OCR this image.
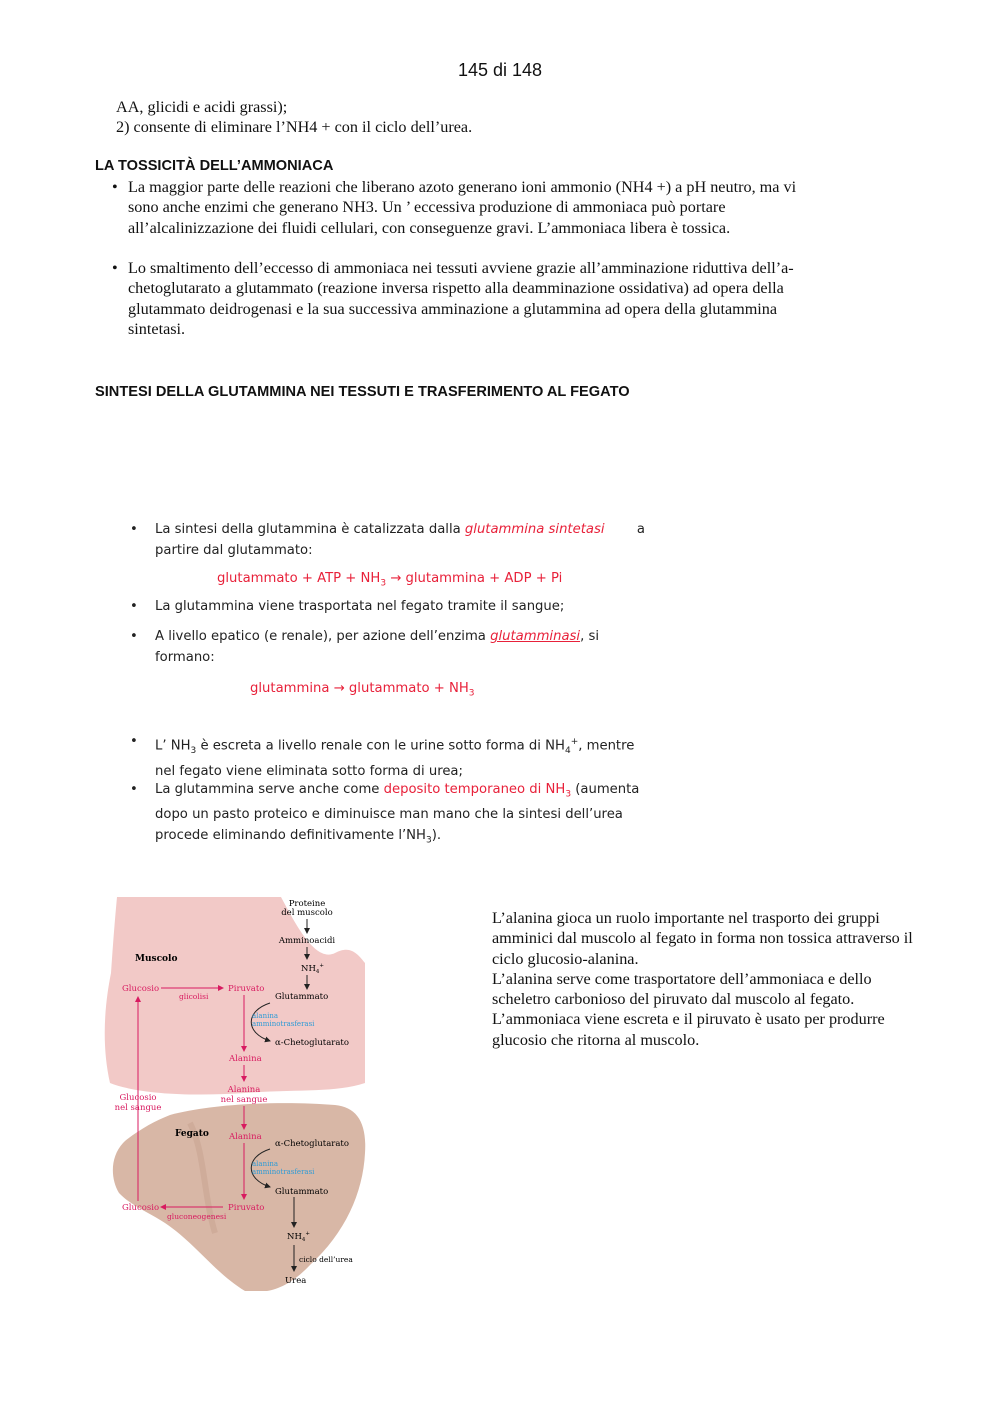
145 di 148
AA, glicidi e acidi grassi);
2) consente di eliminare l’NH4 + con il ciclo dell’urea.
LA TOSSICITÀ DELL’AMMONIACA
• La maggior parte delle reazioni che liberano azoto generano ioni ammonio (NH4 +) a pH neutro, ma vi
sono anche enzimi che generano NH3. Un ’ eccessiva produzione di ammoniaca può portare
all’alcalinizzazione dei fluidi cellulari, con conseguenze gravi. L’ammoniaca libera è tossica.
• Lo smaltimento dell’eccesso di ammoniaca nei tessuti avviene grazie all’amminazione riduttiva dell’a-
chetoglutarato a glutammato (reazione inversa rispetto alla deamminazione ossidativa) ad opera della
glutammato deidrogenasi e la sua successiva amminazione a glutammina ad opera della glutammina
sintetasi.
SINTESI DELLA GLUTAMMINA NEI TESSUTI E TRASFERIMENTO AL FEGATO
• La sintesi della glutammina è catalizzata dalla glutammina sintetasi a
partire dal glutammato:
glutammato + ATP + $NH_3$ → glutammina + ADP + Pi
• La glutammina viene trasportata nel fegato tramite il sangue;
• A livello epatico (e renale), per azione dell’enzima glutamminasi, si
formano:
glutammina → glutammato + $NH_3$
• L’ $NH_3$ è escreta a livello renale con le urine sotto forma di $NH_4^+$, mentre
nel fegato viene eliminata sotto forma di urea;
• La glutammina serve anche come deposito temporaneo di $NH_3$ (aumenta
dopo un pasto proteico e diminuisce man mano che la sintesi dell’urea
procede eliminando definitivamente $l’NH_3$).
Proteine
del muscolo
Amminoacidi
$NH_4^+$
Muscolo
Glucosio
glicolisi
Piruvato
Glutammato
alanina
amminotrasferasi
α-Chetoglutarato
Alanina
Alanina
nel sangue
Glucosio
nel sangue
Fegato Alanina
α-Chetoglutarato
alanina
amminotrasferasi
Glutammato
Piruvato
Glucosio
gluconeogenesi
$NH_4^+$
ciclo dell’urea
Urea
L’alanina gioca un ruolo importante nel trasporto dei gruppi
amminici dal muscolo al fegato in forma non tossica attraverso il
ciclo glucosio-alanina.
L’alanina serve come trasportatore dell’ammoniaca e dello
scheletro carbonioso del piruvato dal muscolo al fegato.
L’ammoniaca viene escreta e il piruvato è usato per produrre
glucosio che ritorna al muscolo.
